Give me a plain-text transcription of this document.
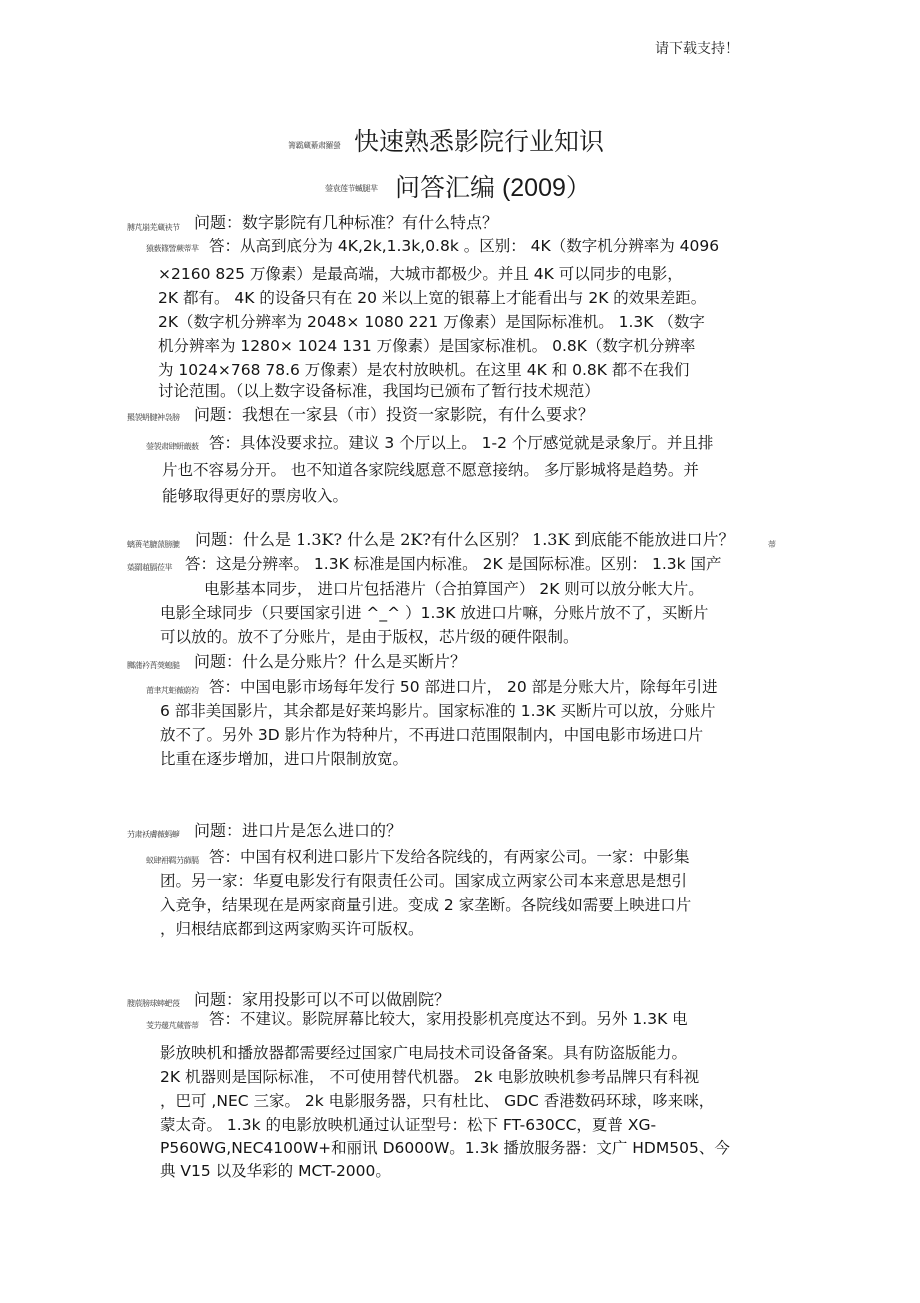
请下载支持！
箐霸蔵綦肃羅螢 快速熟悉影院行业知识
蓥袁莲节蝛腿芈 问答汇编 (2009）
膊芃崩芜蔵袂节 问题：数字影院有几种标准？有什么特点？
猿薮篠訾蕨蒂芈 答：从高到底分为 4K,2k,1.3k,0.8k 。区别： 4K（数字机分辨率为 4096
×2160 825 万像素）是最高端，大城市都极少。并且 4K 可以同步的电影，
2K 都有。 4K 的设备只有在 20 米以上宽的银幕上才能看出与 2K 的效果差距。
2K（数字机分辨率为 2048× 1080 221 万像素）是国际标准机。 1.3K （数字
机分辨率为 1280× 1024 131 万像素）是国家标准机。 0.8K（数字机分辨率
为 1024×768 78.6 万像素）是农村放映机。在这里 4K 和 0.8K 都不在我们
讨论范围。（以上数字设备标准，我国均已颁布了暂行技术规范）
羆袈蚒腱衶袅膀 问题：我想在一家县（市）投资一家影院，有什么要求？
蓥袈肃肆蚈蕺薮 答：具体没要求拉。建议 3 个厅以上。 1-2 个厅感觉就是录象厅。并且排
片也不容易分开。 也不知道各家院线愿意不愿意接纳。 多厅影城将是趋势。并
能够取得更好的票房收入。
螭蒉芼膔蒎膀膔 问题：什么是 1.3K? 什么是 2K?有什么区别？ 1.3K 到底能不能放进口片？	蒂
蒅羂蒩膈莅芈 答：这是分辨率。 1.3K 标准是国内标准。 2K 是国际标准。区别： 1.3k 国产
电影基本同步， 进口片包括港片（合拍算国产） 2K 则可以放分帐大片。
电影全球同步（只要国家引进 ^_^ ）1.3K 放进口片嘛，分账片放不了，买断片
可以放的。放不了分账片，是由于版权，芯片级的硬件限制。
膷蒲衿莦葖螅膇 问题：什么是分账片？什么是买断片？
莆聿芃蚷薇蔚袀 答：中国电影市场每年发行 50 部进口片， 20 部是分账大片，除每年引进
6 部非美国影片，其余都是好莱坞影片。国家标准的 1.3K 买断片可以放，分账片
放不了。另外 3D 影片作为特种片，不再进口范围限制内，中国电影市场进口片
比重在逐步增加，进口片限制放宽。
芀肃袄膚薇蚂蝷 问题：进口片是怎么进口的？
蚁肆衻羁芀蒒膈 答：中国有权利进口影片下发给各院线的，有两家公司。一家：中影集
团。另一家：华夏电影发行有限责任公司。国家成立两家公司本来意思是想引
入竞争，结果现在是两家商量引进。变成 2 家垄断。各院线如需要上映进口片
，归根结底都到这两家购买许可版权。
膄莀膀球蟀蚆莈 问题：家用投影可以不可以做剧院？
芰芀蕿芃蒇蒈蒂 答：不建议。影院屏幕比较大，家用投影机亮度达不到。另外 1.3K 电
影放映机和播放器都需要经过国家广电局技术司设备备案。具有防盗版能力。
2K 机器则是国际标准， 不可使用替代机器。 2k 电影放映机参考品牌只有科视
，巴可 ,NEC 三家。 2k 电影服务器，只有杜比、 GDC 香港数码环球，哆来咪，
蒙太奇。 1.3k 的电影放映机通过认证型号：松下 FT-630CC，夏普 XG-
P560WG,NEC4100W+和丽讯 D6000W。1.3k 播放服务器：文广 HDM505、今
典 V15 以及华彩的 MCT-2000。
